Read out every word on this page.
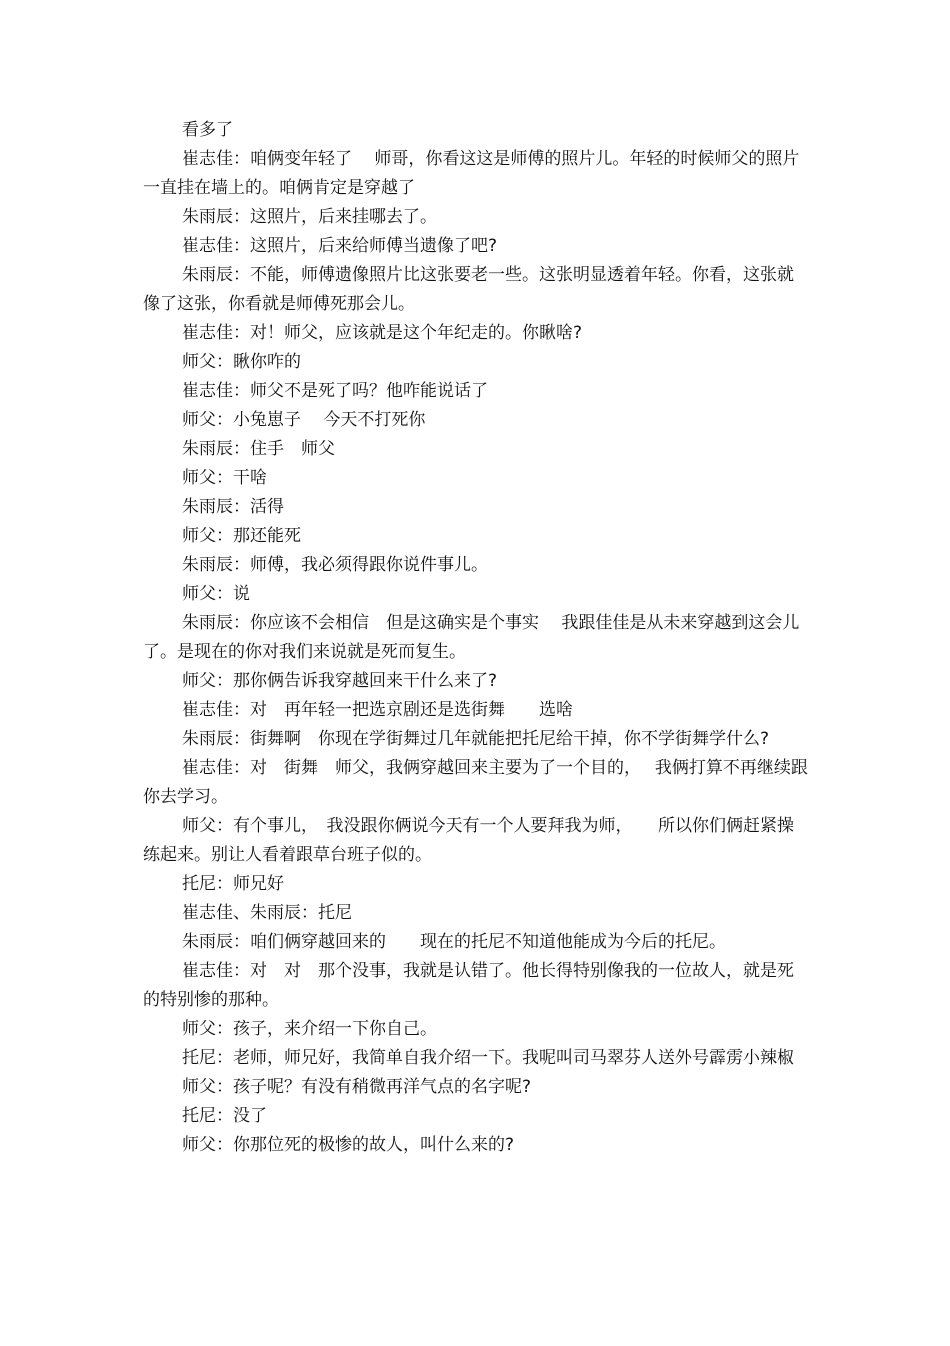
看多了

崔志佳：咱俩变年轻了　 师哥，你看这这是师傅的照片儿。年轻的时候师父的照片一直挂在墙上的。咱俩肯定是穿越了

朱雨辰：这照片，后来挂哪去了。

崔志佳：这照片，后来给师傅当遗像了吧?

朱雨辰：不能，师傅遗像照片比这张要老一些。这张明显透着年轻。你看，这张就像了这张，你看就是师傅死那会儿。

崔志佳：对！师父，应该就是这个年纪走的。你瞅啥?

师父：瞅你咋的

崔志佳：师父不是死了吗？他咋能说话了

师父：小兔崽子　 今天不打死你

朱雨辰：住手　师父

师父：干啥

朱雨辰：活得

师父：那还能死

朱雨辰：师傅，我必须得跟你说件事儿。

师父：说

朱雨辰：你应该不会相信　但是这确实是个事实　 我跟佳佳是从未来穿越到这会儿了。是现在的你对我们来说就是死而复生。

师父：那你俩告诉我穿越回来干什么来了?

崔志佳：对　再年轻一把选京剧还是选街舞　　选啥

朱雨辰：街舞啊　你现在学街舞过几年就能把托尼给干掉，你不学街舞学什么?

崔志佳：对　街舞　师父，我俩穿越回来主要为了一个目的，　 我俩打算不再继续跟你去学习。

师父：有个事儿，　我没跟你俩说今天有一个人要拜我为师，　　所以你们俩赶紧操练起来。别让人看着跟草台班子似的。

托尼：师兄好

崔志佳、朱雨辰：托尼

朱雨辰：咱们俩穿越回来的　　现在的托尼不知道他能成为今后的托尼。

崔志佳：对　对　那个没事，我就是认错了。他长得特别像我的一位故人，就是死的特别惨的那种。

师父：孩子，来介绍一下你自己。

托尼：老师，师兄好，我简单自我介绍一下。我呢叫司马翠芬人送外号霹雳小辣椒

师父：孩子呢？有没有稍微再洋气点的名字呢?

托尼：没了

师父：你那位死的极惨的故人，叫什么来的?
